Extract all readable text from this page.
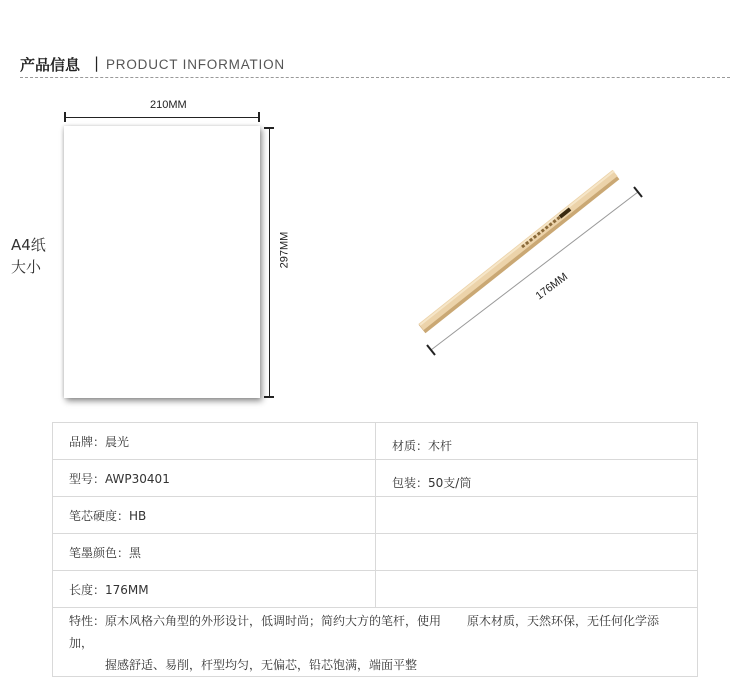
产品信息 | PRODUCT INFORMATION
A4纸
大小
210MM
297MM
176MM
品牌：晨光	材质：木杆
型号：AWP30401	包装：50支/筒
笔芯硬度：HB	
笔墨颜色：黑	
长度：176MM	

特性：原木风格六角型的外形设计，低调时尚；简约大方的笔杆，使用 原木材质，天然环保，无任何化学添加，
握感舒适、易削，杆型均匀，无偏芯，铅芯饱满，端面平整	
